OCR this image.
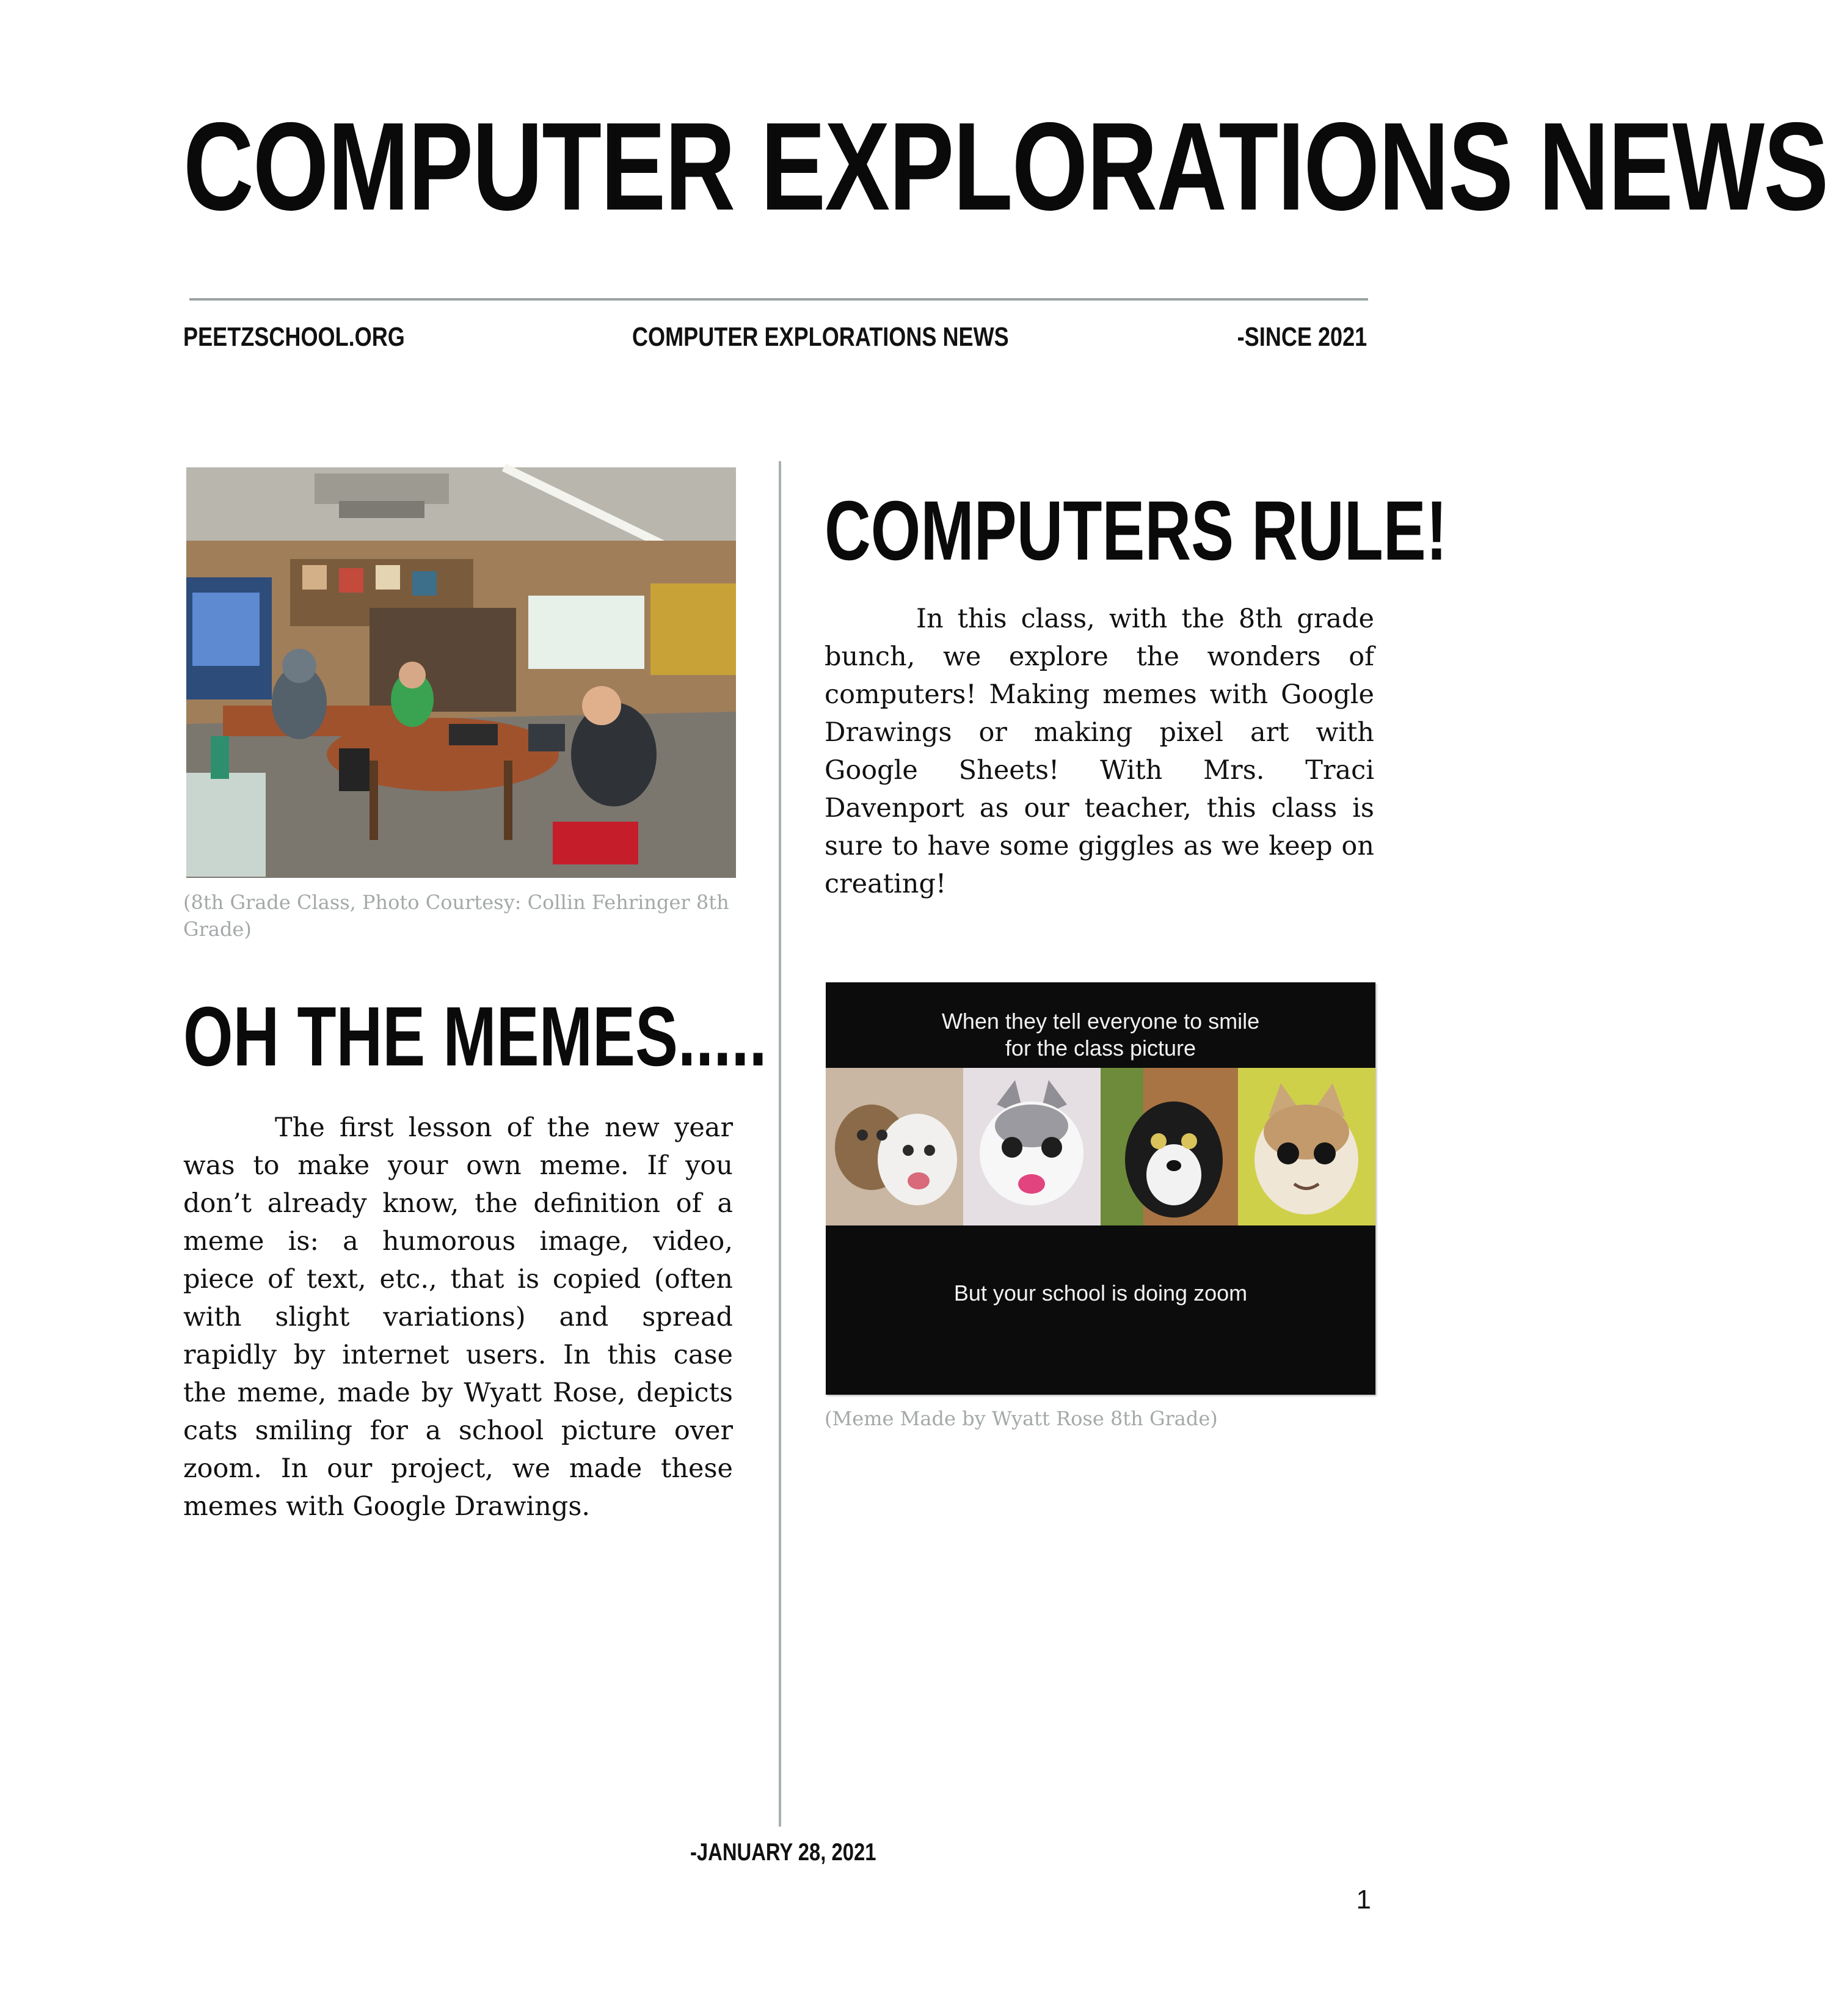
COMPUTER EXPLORATIONS NEWS
PEETZSCHOOL.ORG	COMPUTER EXPLORATIONS NEWS	-SINCE 2021
(8th Grade Class, Photo Courtesy: Collin Fehringer 8th Grade)
COMPUTERS RULE!

In this class, with the 8th grade bunch, we explore the wonders of computers! Making memes with Google Drawings or making pixel art with Google Sheets! With Mrs. Traci Davenport as our teacher, this class is sure to have some giggles as we keep on creating!

OH THE MEMES.....

The first lesson of the new year was to make your own meme. If you don’t already know, the definition of a meme is: a humorous image, video, piece of text, etc., that is copied (often with slight variations) and spread rapidly by internet users. In this case the meme, made by Wyatt Rose, depicts cats smiling for a school picture over zoom. In our project, we made these memes with Google Drawings.

When they tell everyone to smile
for the class picture
But your school is doing zoom
(Meme Made by Wyatt Rose 8th Grade)
-JANUARY 28, 2021
1
